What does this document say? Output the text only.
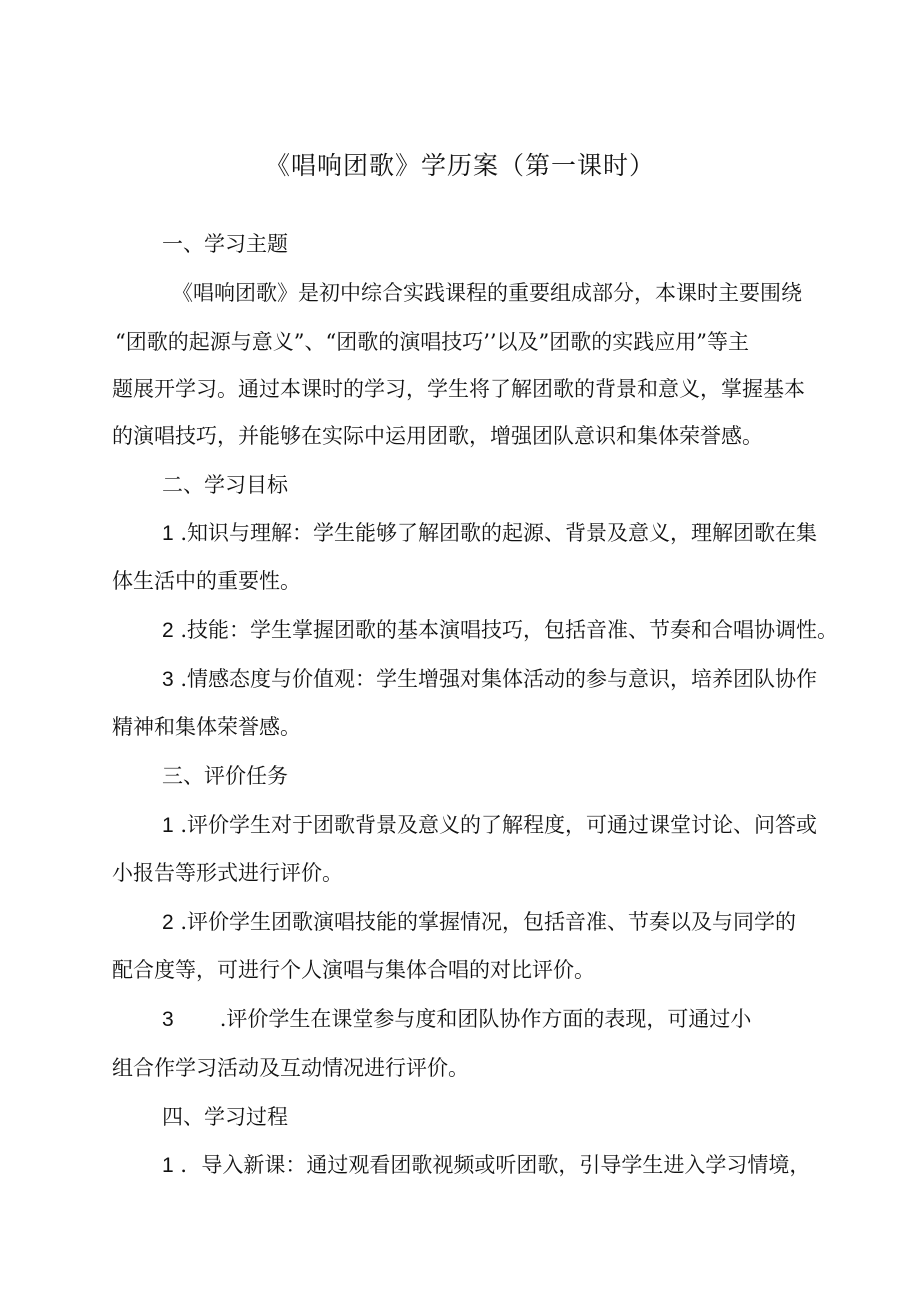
《唱响团歌》学历案（第一课时）
一、学习主题
《唱响团歌》是初中综合实践课程的重要组成部分，本课时主要围绕
“团歌的起源与意义”、“团歌的演唱技巧’’以及”团歌的实践应用”等主
题展开学习。通过本课时的学习，学生将了解团歌的背景和意义，掌握基本
的演唱技巧，并能够在实际中运用团歌，增强团队意识和集体荣誉感。
二、学习目标
1 .知识与理解：学生能够了解团歌的起源、背景及意义，理解团歌在集
体生活中的重要性。
2 .技能：学生掌握团歌的基本演唱技巧，包括音准、节奏和合唱协调性。
3 .情感态度与价值观：学生增强对集体活动的参与意识，培养团队协作
精神和集体荣誉感。
三、评价任务
1 .评价学生对于团歌背景及意义的了解程度，可通过课堂讨论、问答或
小报告等形式进行评价。
2 .评价学生团歌演唱技能的掌握情况，包括音准、节奏以及与同学的
配合度等，可进行个人演唱与集体合唱的对比评价。
3 .评价学生在课堂参与度和团队协作方面的表现，可通过小
组合作学习活动及互动情况进行评价。
四、学习过程
1 ．导入新课：通过观看团歌视频或听团歌，引导学生进入学习情境，
